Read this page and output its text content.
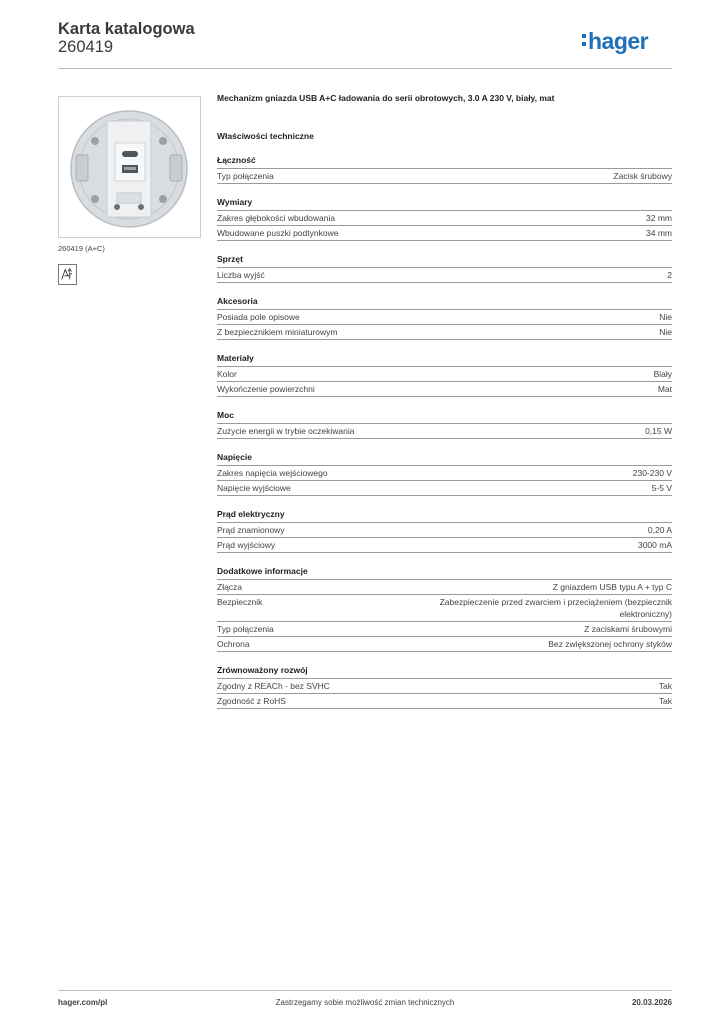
Karta katalogowa
260419	hager
260419 (A+C)
Mechanizm gniazda USB A+C ładowania do serii obrotowych, 3.0 A 230 V, biały, mat
Właściwości techniczne
Łączność
Typ połączenia	Zacisk śrubowy
Wymiary
Zakres głębokości wbudowania	32 mm
Wbudowane puszki podtynkowe	34 mm
Sprzęt
Liczba wyjść	2
Akcesoria
Posiada pole opisowe	Nie
Z bezpiecznikiem miniaturowym	Nie
Materiały
Kolor	Biały
Wykończenie powierzchni	Mat
Moc
Zużycie energii w trybie oczekiwania	0,15 W
Napięcie
Zakres napięcia wejściowego	230-230 V
Napięcie wyjściowe	5-5 V
Prąd elektryczny
Prąd znamionowy	0,20 A
Prąd wyjściowy	3000 mA
Dodatkowe informacje
Złącza	Z gniazdem USB typu A + typ C
Bezpiecznik	Zabezpieczenie przed zwarciem i przeciążeniem (bezpiecznik elektroniczny)
Typ połączenia	Z zaciskami śrubowymi
Ochrona	Bez zwiększonej ochrony styków
Zrównoważony rozwój
Zgodny z REACh - bez SVHC	Tak
Zgodność z RoHS	Tak
hager.com/pl	Zastrzegamy sobie możliwość zmian technicznych	20.03.2026
